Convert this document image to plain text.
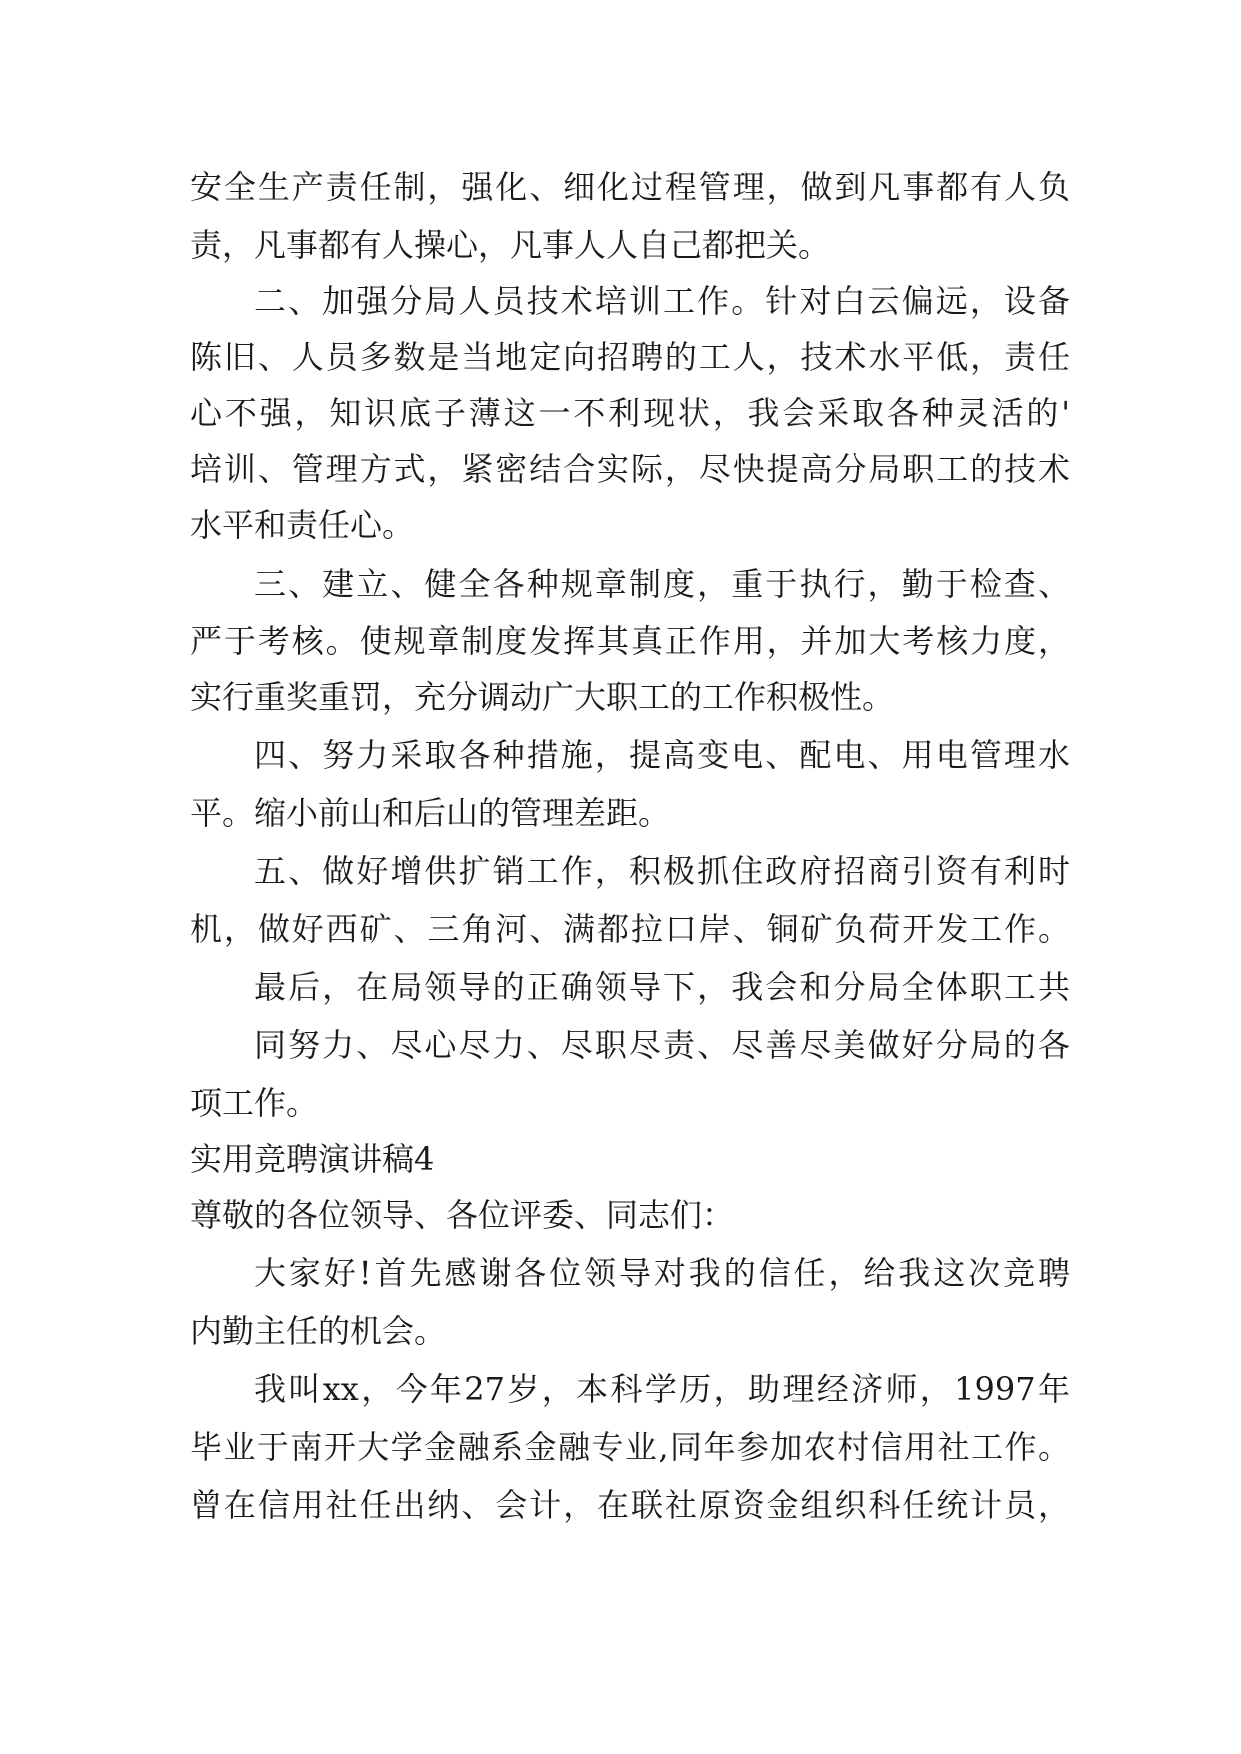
安全生产责任制，强化、细化过程管理，做到凡事都有人负
责，凡事都有人操心，凡事人人自己都把关。
二、加强分局人员技术培训工作。针对白云偏远，设备
陈旧、人员多数是当地定向招聘的工人，技术水平低，责任
心不强，知识底子薄这一不利现状，我会采取各种灵活的'
培训、管理方式，紧密结合实际，尽快提高分局职工的技术
水平和责任心。
三、建立、健全各种规章制度，重于执行，勤于检查、
严于考核。使规章制度发挥其真正作用，并加大考核力度，
实行重奖重罚，充分调动广大职工的工作积极性。
四、努力采取各种措施，提高变电、配电、用电管理水
平。缩小前山和后山的管理差距。
五、做好增供扩销工作，积极抓住政府招商引资有利时
机，做好西矿、三角河、满都拉口岸、铜矿负荷开发工作。
最后，在局领导的正确领导下，我会和分局全体职工共
同努力、尽心尽力、尽职尽责、尽善尽美做好分局的各
项工作。
实用竞聘演讲稿4
尊敬的各位领导、各位评委、同志们：
大家好!首先感谢各位领导对我的信任，给我这次竞聘
内勤主任的机会。
我叫xx，今年27岁，本科学历，助理经济师，1997年
毕业于南开大学金融系金融专业,同年参加农村信用社工作。
曾在信用社任出纳、会计，在联社原资金组织科任统计员，
